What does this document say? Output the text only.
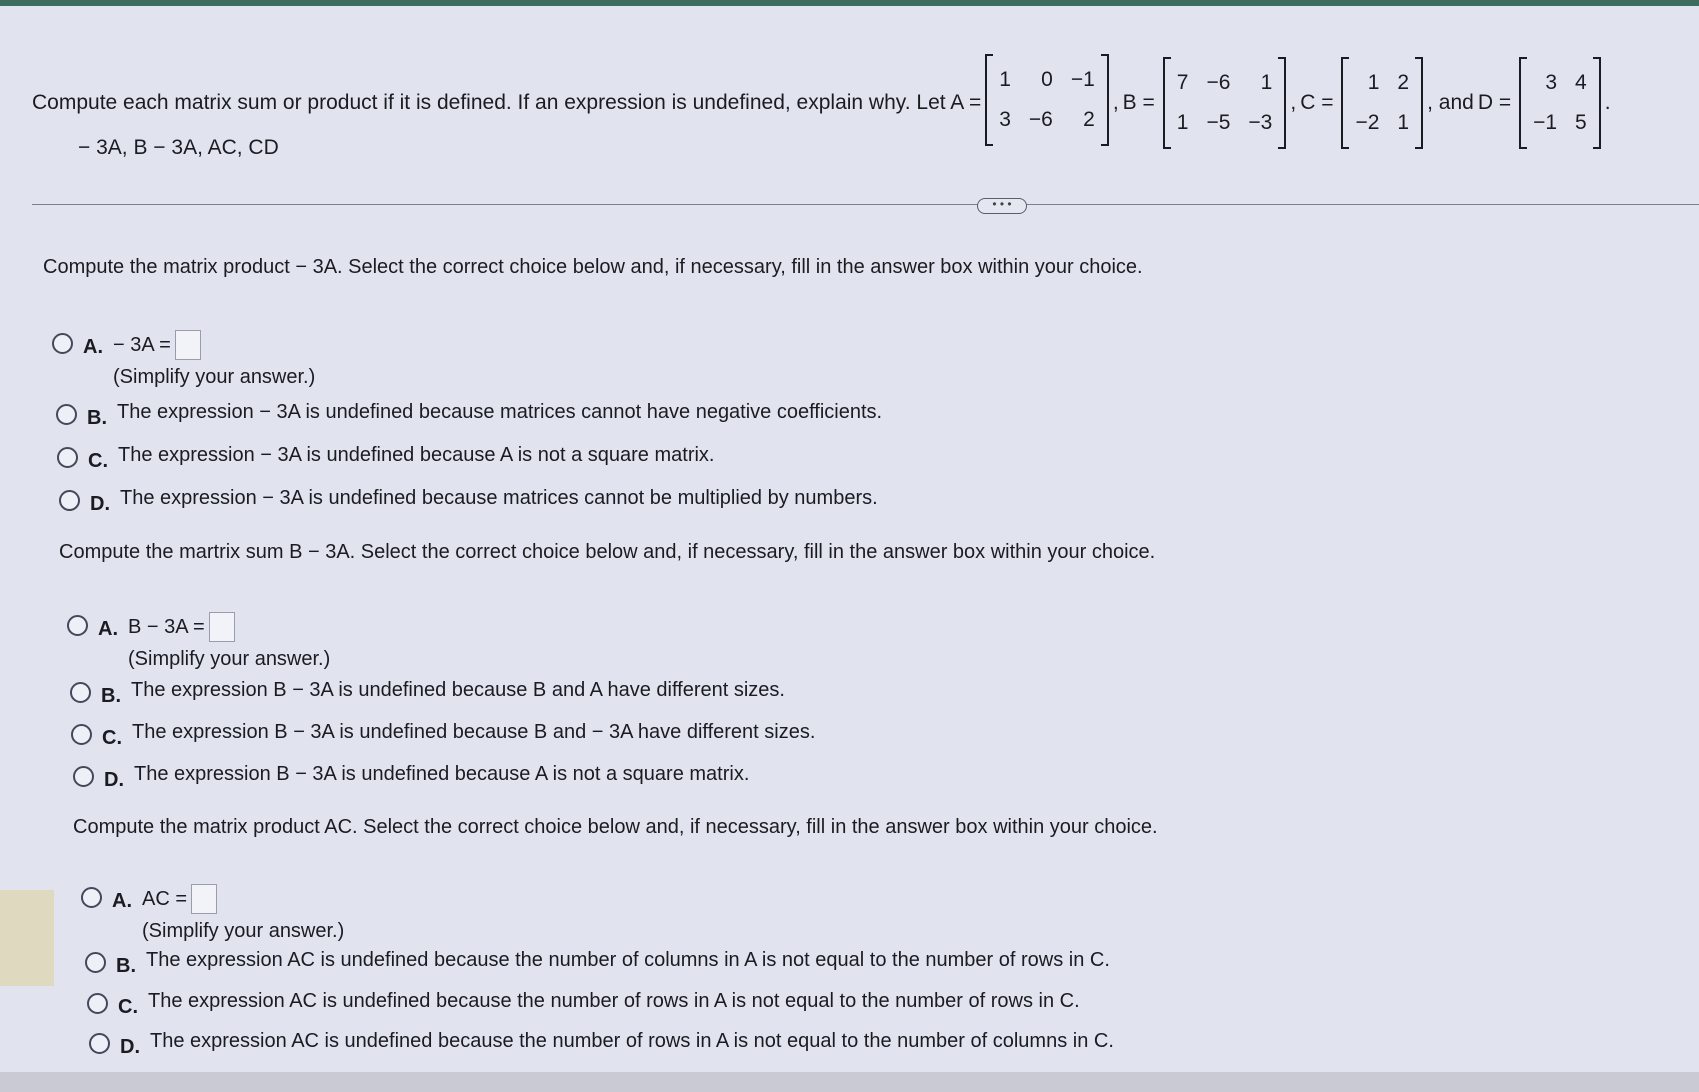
Compute each matrix sum or product if it is defined. If an expression is undefined, explain why. Let A =
1	0 −1
3 −6	2
, B =
7 −6	1
1 −5 −3
, C =
1 2
−2 1
, and D =
3 4
−1 5
.
− 3A, B − 3A, AC, CD
• • •
Compute the matrix product − 3A. Select the correct choice below and, if necessary, fill in the answer box within your choice.
A. − 3A =
(Simplify your answer.)
B. The expression − 3A is undefined because matrices cannot have negative coefficients.
C. The expression − 3A is undefined because A is not a square matrix.
D. The expression − 3A is undefined because matrices cannot be multiplied by numbers.
Compute the martrix sum B − 3A. Select the correct choice below and, if necessary, fill in the answer box within your choice.
A. B − 3A =
(Simplify your answer.)
B. The expression B − 3A is undefined because B and A have different sizes.
C. The expression B − 3A is undefined because B and − 3A have different sizes.
D. The expression B − 3A is undefined because A is not a square matrix.
Compute the matrix product AC. Select the correct choice below and, if necessary, fill in the answer box within your choice.
A. AC =
(Simplify your answer.)
B. The expression AC is undefined because the number of columns in A is not equal to the number of rows in C.
C. The expression AC is undefined because the number of rows in A is not equal to the number of rows in C.
D. The expression AC is undefined because the number of rows in A is not equal to the number of columns in C.
